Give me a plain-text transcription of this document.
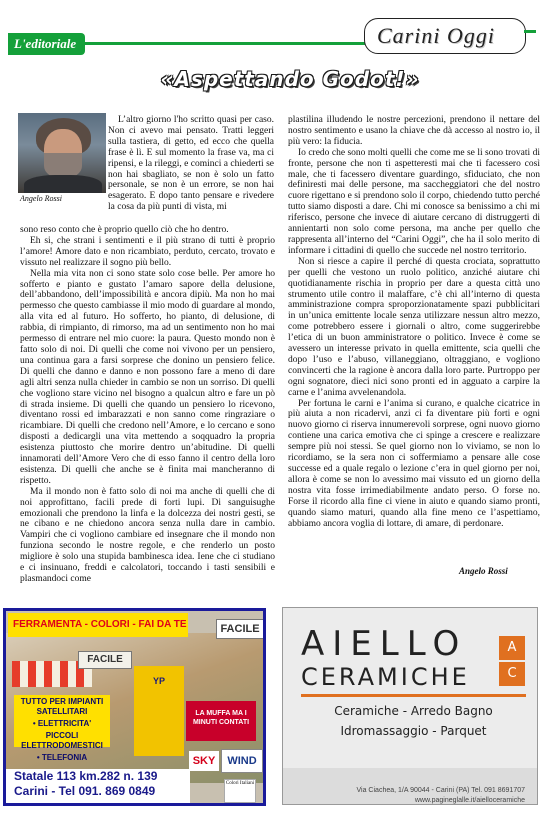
L'editoriale	Carini Oggi
«Aspettando Godot!»
Angelo Rossi

L’altro giorno l'ho scritto quasi per caso. Non ci avevo mai pensato. Tratti leggeri sulla tastiera, di getto, ed ecco che quella frase è lì. E sul momento la frase va, ma ci ripensi, e la rileggi, e cominci a chiederti se non hai sbagliato, se non è solo un fatto personale, se non è un errore, se non hai esagerato. E dopo tanto pensare e rivedere la cosa da più punti di vista, mi

sono reso conto che è proprio quello ciò che ho dentro.

Eh si, che strani i sentimenti e il più strano di tutti è proprio l’amore! Amore dato e non ricambiato, perduto, cercato, trovato e vissuto nel realizzare il sogno più bello.

Nella mia vita non ci sono state solo cose belle. Per amore ho sofferto e pianto e gustato l’amaro sapore della delusione, dell’abbandono, dell’impossibilità e ancora dipiù. Ma non ho mai permesso che questo cambiasse il mio modo di guardare al mondo, alla vita ed al futuro. Ho sofferto, ho pianto, di delusione, di rabbia, di rimpianto, di rimorso, ma ad un sentimento non ho mai permesso di entrare nel mio cuore: la paura. Questo mondo non è fatto solo di noi. Di quelli che come noi vivono per un pensiero, una continua gara a farsi sorprese che donino un pensiero felice. Di quelli che danno e danno e non possono fare a meno di dare agli altri senza nulla chieder in cambio se non un sorriso. Di quelli che vogliono stare vicino nel bisogno a qualcun altro e fare un pò di strada insieme. Di quelli che quando un pensiero lo ricevono, diventano rossi ed imbarazzati e non sanno come ringraziare o ricambiare. Di quelli che credono nell’Amore, e lo cercano e sono disposti a dedicargli una vita mettendo a soqquadro la propria esistenza piuttosto che morire dentro un’abitudine. Di quelli innamorati dell’Amore Vero che di esso fanno il centro della loro esistenza. Di quelli che anche se è finita mai mancheranno di rispetto.

Ma il mondo non è fatto solo di noi ma anche di quelli che di noi approfittano, facili prede di forti lupi. Di sanguisughe emozionali che prendono la linfa e la dolcezza dei nostri gesti, se ne cibano e ne chiedono ancora senza nulla dare in cambio. Vampiri che ci vogliono cambiare ed insegnare che il mondo non funziona secondo le nostre regole, e che renderlo un posto migliore è solo una stupida bambinesca idea. Iene che ci studiano e ci insinuano, freddi e calcolatori, toccando i tasti sensibili e plasmandoci come

plastilina illudendo le nostre percezioni, prendono il nettare del nostro sentimento e usano la chiave che dà accesso al nostro io, il più vero: la fiducia.

Io credo che sono molti quelli che come me se li sono trovati di fronte, persone che non ti aspetteresti mai che ti facessero così male, che ti facessero diventare guardingo, sfiduciato, che non definiresti mai delle persone, ma saccheggiatori che del nostro cuore rigettano e si prendono solo il corpo, chiedendo tutto perché tutto siamo disposti a dare. Chi mi conosce sa benissimo a chi mi riferisco, persone che invece di aiutare cercano di distruggerti di annientarti non solo come persona, ma anche per quello che rappresenta all’interno del “Carini Oggi”, che ha il solo merito di informare i cittadini di quello che succede nel nostro territorio.

Non si riesce a capire il perché di questa crociata, soprattutto per quelli che vestono un ruolo politico, anziché aiutare chi quotidianamente rischia in proprio per dare a questa città uno strumento utile contro il malaffare, c’è chi all’interno di questa amministrazione compra sproporzionatamente spazi pubblicitari in un’unica emittente locale senza utilizzare nessun altro mezzo, come potrebbero essere i giornali o altro, come suggerirebbe l’etica di un buon amministratore o politico. Invece è come se avessero un interesse privato in quella emittente, scia quelli che dopo l’uso e l’abuso, villaneggiano, oltraggiano, e vogliono convincerti che la ragione è ancora dalla loro parte. Purtroppo per ogni sognatore, dieci nici sono pronti ed in agguato a carpire la carne e l’anima avvelenandola.

Per fortuna le carni e l’anima si curano, e qualche cicatrice in più aiuta a non ricadervi, anzi ci fa diventare più forti e ogni nuovo giorno ci riserva innumerevoli sorprese, ogni nuovo giorno contiene una carica emotiva che ci spinge a crescere e realizzare sempre più noi stessi. Se quel giorno non lo viviamo, se non lo ricordiamo, se la sera non ci soffermiamo a pensare alle cose successe ed a quale regalo o lezione c’era in quel giorno per noi, allora è come se non lo avessimo mai vissuto ed un giorno della nostra vita fosse irrimediabilmente andato perso. O forse no. Forse il ricordo alla fine ci viene in aiuto e quando siamo pronti, quando siamo maturi, quando alla fine meno ce l’aspettiamo, abbiamo ancora voglia di lottare, di amare, di perdonare.

Angelo Rossi
FERRAMENTA - COLORI - FAI DA TE	FACILE
FACILE
TUTTO PER IMPIANTI SATELLITARI
• ELETTRICITA'
PICCOLI ELETTRODOMESTICI
• TELEFONIA
YP
LA MUFFA MA I MINUTI CONTATI
SKY	WIND
Statale 113 km.282 n. 139
Carini - Tel 091. 869 0849
Colori Italiani
AIELLO
CERAMICHE
A
C
Ceramiche - Arredo Bagno
Idromassaggio - Parquet
Via Ciachea, 1/A 90044 - Carini (PA) Tel. 091 8691707
www.pagineglalle.it/aielloceramiche
